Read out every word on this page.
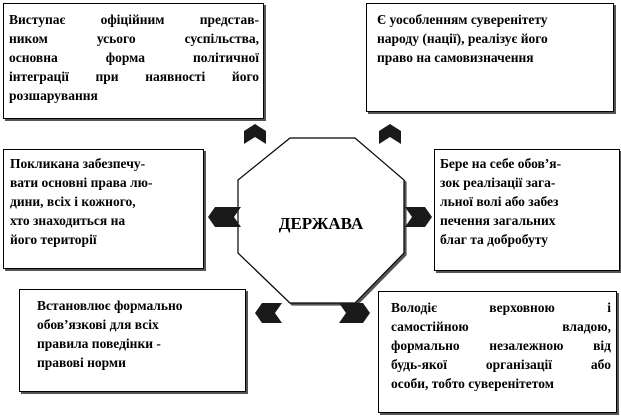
Виступає офіційним представ-
ником усього суспільства,
основна форма політичної
інтеграції при наявності його
розшарування
Є уособленням суверенітету
народу (нації), реалізує його
право на самовизначення
Покликана забезпечу-
вати основні права лю-
дини, всіх і кожного,
хто знаходиться на
його території
Бере на себе обов’я-
зок реалізації зага-
льної волі або забез
печення загальних
благ та добробуту
Встановлює формально
обов’язкові для всіх
правила поведінки -
правові норми
Володіє верховною і
самостійною владою,
формально незалежною від
будь-якої організації або
особи, тобто суверенітетом
ДЕРЖАВА
